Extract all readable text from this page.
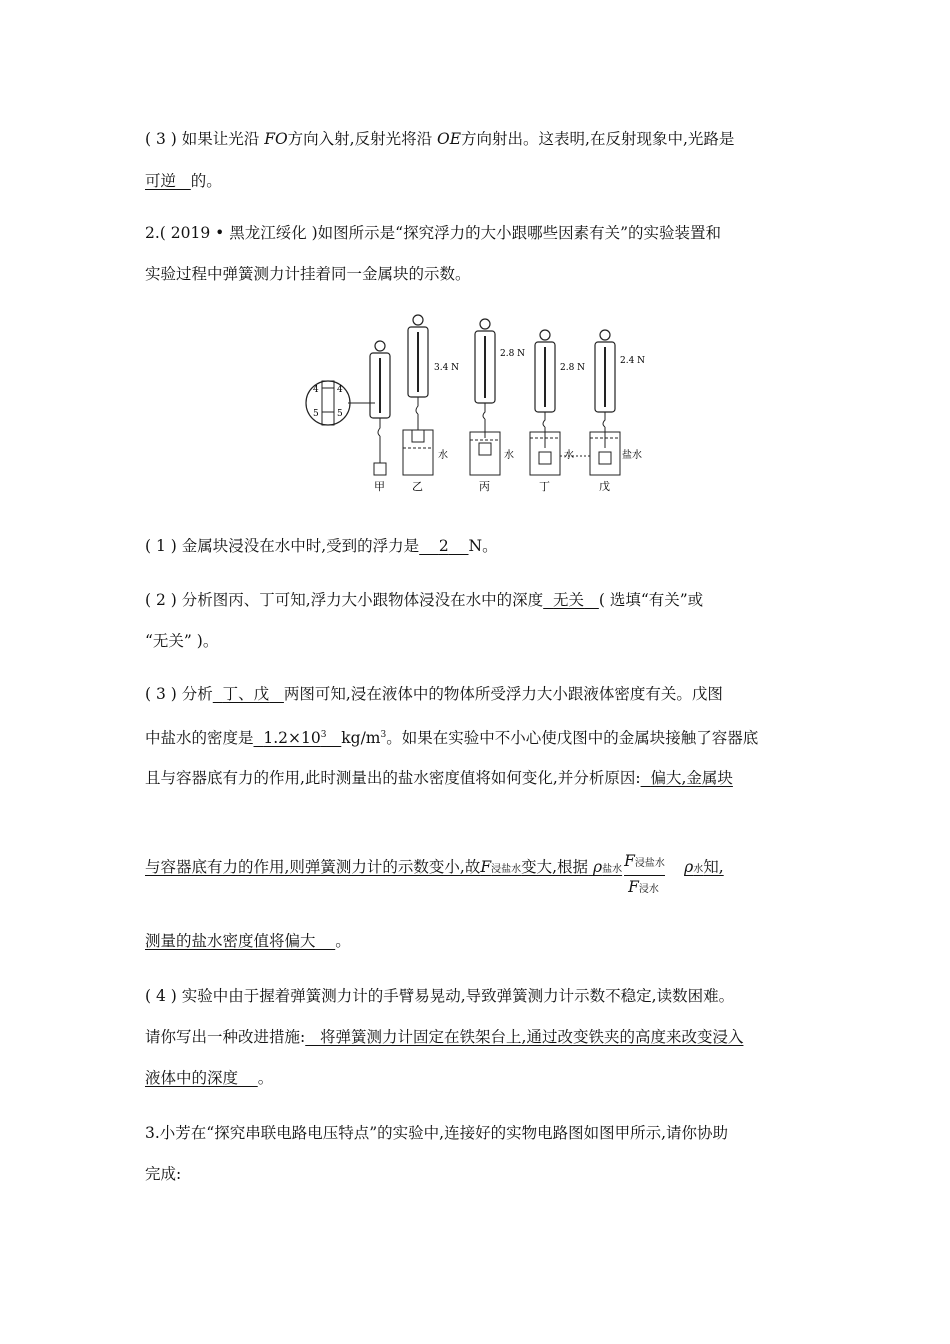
( 3 ) 如果让光沿 FO方向入射,反射光将沿 OE方向射出。这表明,在反射现象中,光路是
可逆 的。
2.( 2019 • 黑龙江绥化 )如图所示是“探究浮力的大小跟哪些因素有关”的实验装置和
实验过程中弹簧测力计挂着同一金属块的示数。
4 4
5 5
3.4 N
2.8 N
2.8 N
2.4 N
水	水	水	盐水
甲 乙	丙	丁	戊
( 1 ) 金属块浸没在水中时,受到的浮力是 2 N。
( 2 ) 分析图丙、丁可知,浮力大小跟物体浸没在水中的深度 无关 ( 选填“有关”或
“无关” )。
( 3 ) 分析 丁、戊 两图可知,浸在液体中的物体所受浮力大小跟液体密度有关。戊图
中盐水的密度是 $1.2\times 10^3$ $kg/m^3$。如果在实验中不小心使戊图中的金属块接触了容器底
且与容器底有力的作用,此时测量出的盐水密度值将如何变化,并分析原因: 偏大,金属块
与容器底有力的作用,则弹簧测力计的示数变小,故F浸盐水变大,根据 ρ盐水 $\frac{\text{F浸盐水}}{\text{F浸水}}$ ρ水知,
测量的盐水密度值将偏大 。
( 4 ) 实验中由于握着弹簧测力计的手臂易晃动,导致弹簧测力计示数不稳定,读数困难。
请你写出一种改进措施: 将弹簧测力计固定在铁架台上,通过改变铁夹的高度来改变浸入
液体中的深度 。
3.小芳在“探究串联电路电压特点”的实验中,连接好的实物电路图如图甲所示,请你协助
完成:
